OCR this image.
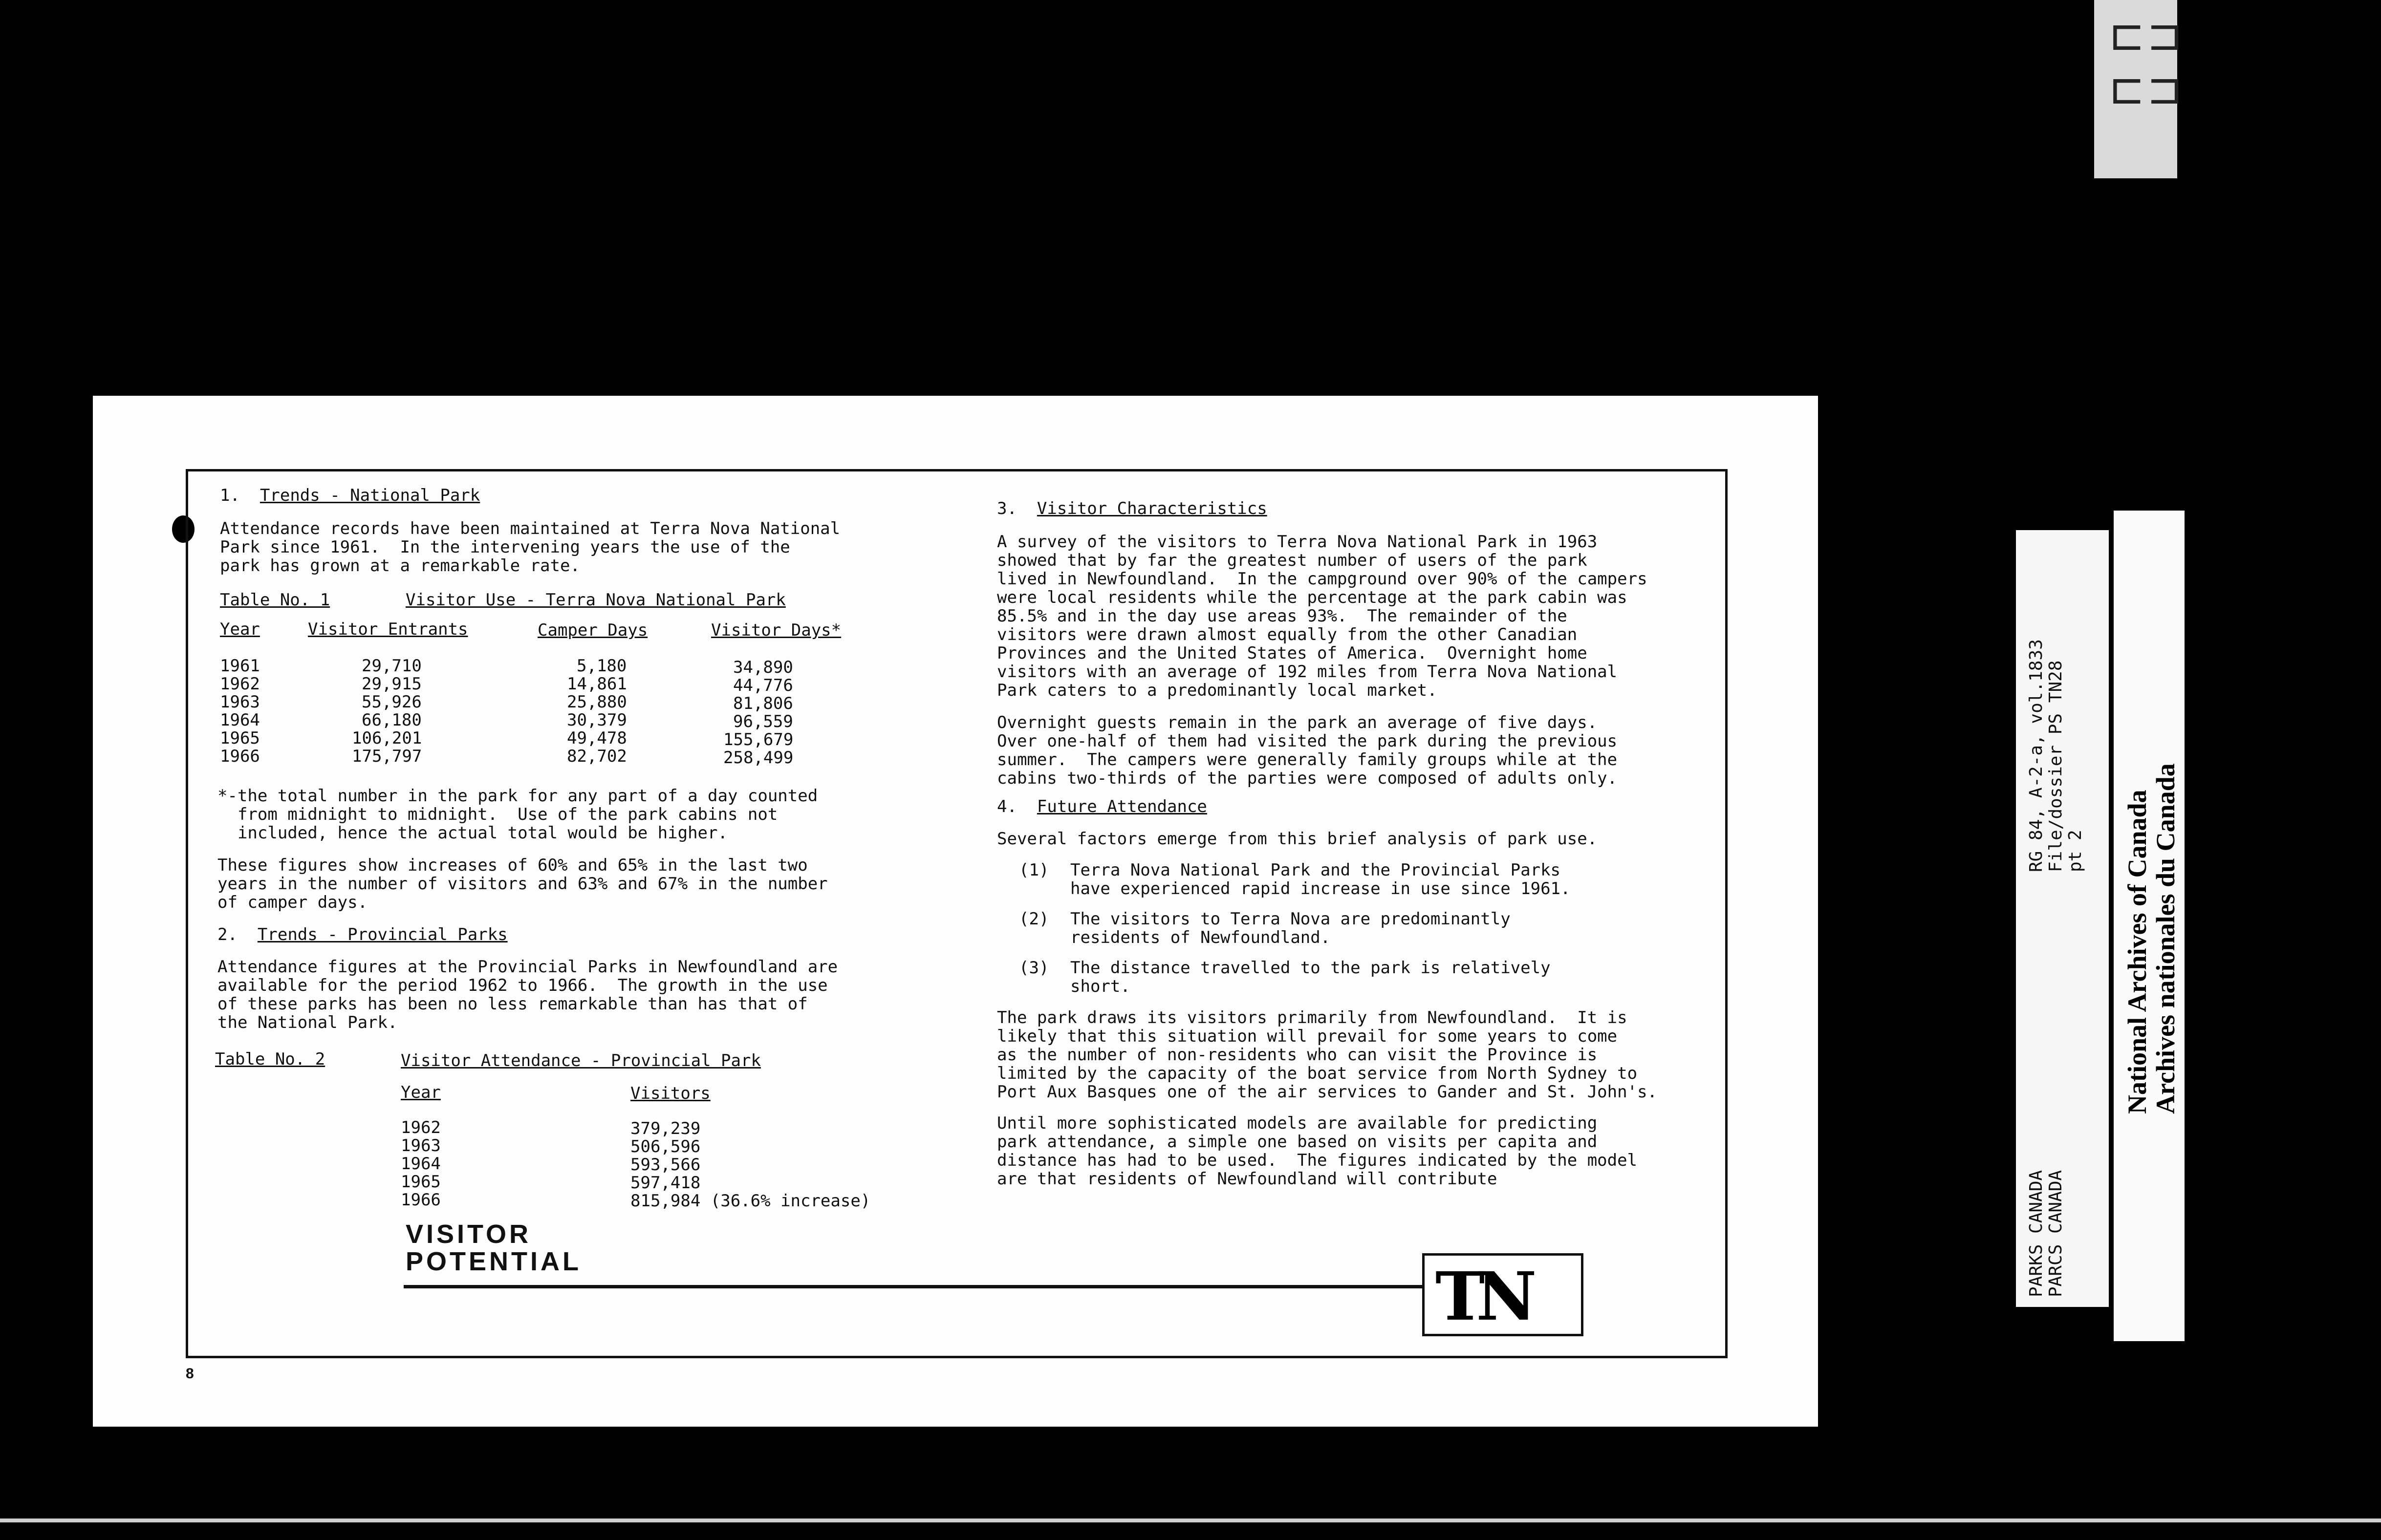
⊏⊐
⊏⊐

1. Trends - National Park

Attendance records have been maintained at Terra Nova National
Park since 1961.  In the intervening years the use of the
park has grown at a remarkable rate.

Table No. 1	Visitor Use - Terra Nova National Park
Year	Visitor Entrants	Camper Days	Visitor Days*
1961	29,710	5,180	34,890
1962	29,915	14,861	44,776
1963	55,926	25,880	81,806
1964	66,180	30,379	96,559
1965	106,201	49,478	155,679
1966	175,797	82,702	258,499

*-the total number in the park for any part of a day counted
from midnight to midnight.  Use of the park cabins not
included, hence the actual total would be higher.

These figures show increases of 60% and 65% in the last two
years in the number of visitors and 63% and 67% in the number
of camper days.

2. Trends - Provincial Parks

Attendance figures at the Provincial Parks in Newfoundland are
available for the period 1962 to 1966.  The growth in the use
of these parks has been no less remarkable than has that of
the National Park.

Table No. 2	Visitor Attendance - Provincial Park
Year	Visitors
1962	379,239
1963	506,596
1964	593,566
1965	597,418
1966	815,984 (36.6% increase)

3. Visitor Characteristics

A survey of the visitors to Terra Nova National Park in 1963
showed that by far the greatest number of users of the park
lived in Newfoundland.  In the campground over 90% of the campers
were local residents while the percentage at the park cabin was
85.5% and in the day use areas 93%.  The remainder of the
visitors were drawn almost equally from the other Canadian
Provinces and the United States of America.  Overnight home
visitors with an average of 192 miles from Terra Nova National
Park caters to a predominantly local market.

Overnight guests remain in the park an average of five days.
Over one-half of them had visited the park during the previous
summer.  The campers were generally family groups while at the
cabins two-thirds of the parties were composed of adults only.

4. Future Attendance

Several factors emerge from this brief analysis of park use.

(1) Terra Nova National Park and the Provincial Parks
have experienced rapid increase in use since 1961.
(2) The visitors to Terra Nova are predominantly
residents of Newfoundland.
(3) The distance travelled to the park is relatively
short.

The park draws its visitors primarily from Newfoundland.  It is
likely that this situation will prevail for some years to come
as the number of non-residents who can visit the Province is
limited by the capacity of the boat service from North Sydney to
Port Aux Basques one of the air services to Gander and St. John's.

Until more sophisticated models are available for predicting
park attendance, a simple one based on visits per capita and
distance has had to be used.  The figures indicated by the model
are that residents of Newfoundland will contribute

VISITOR
POTENTIAL	TN
8
RG 84, A-2-a, vol.1833 File/dossier PS TN28 pt 2
PARKS CANADA PARCS CANADA
National Archives of Canada
Archives nationales du Canada
